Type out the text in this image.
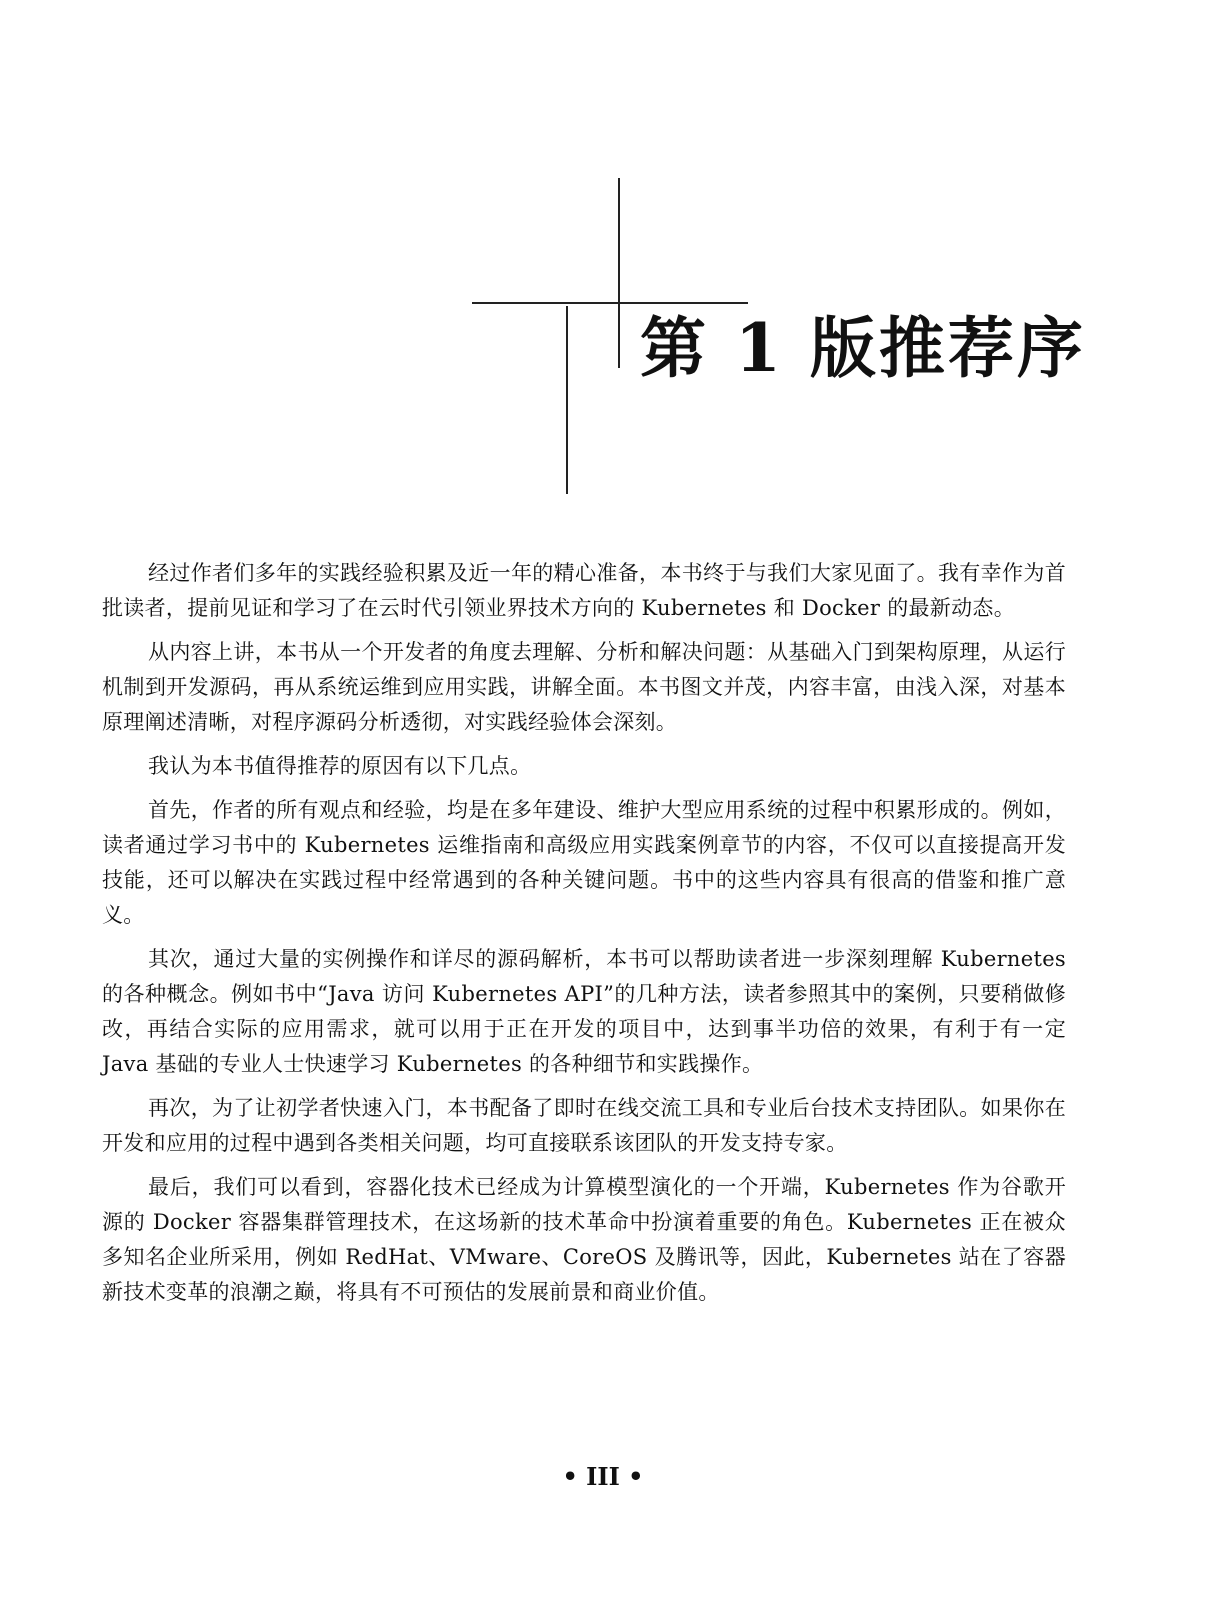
第 1 版推荐序

经过作者们多年的实践经验积累及近一年的精心准备，本书终于与我们大家见面了。我有幸作为首批读者，提前见证和学习了在云时代引领业界技术方向的 Kubernetes 和 Docker 的最新动态。

从内容上讲，本书从一个开发者的角度去理解、分析和解决问题：从基础入门到架构原理，从运行机制到开发源码，再从系统运维到应用实践，讲解全面。本书图文并茂，内容丰富，由浅入深，对基本原理阐述清晰，对程序源码分析透彻，对实践经验体会深刻。

我认为本书值得推荐的原因有以下几点。

首先，作者的所有观点和经验，均是在多年建设、维护大型应用系统的过程中积累形成的。例如，读者通过学习书中的 Kubernetes 运维指南和高级应用实践案例章节的内容，不仅可以直接提高开发技能，还可以解决在实践过程中经常遇到的各种关键问题。书中的这些内容具有很高的借鉴和推广意义。

其次，通过大量的实例操作和详尽的源码解析，本书可以帮助读者进一步深刻理解 Kubernetes 的各种概念。例如书中“Java 访问 Kubernetes API”的几种方法，读者参照其中的案例，只要稍做修改，再结合实际的应用需求，就可以用于正在开发的项目中，达到事半功倍的效果，有利于有一定 Java 基础的专业人士快速学习 Kubernetes 的各种细节和实践操作。

再次，为了让初学者快速入门，本书配备了即时在线交流工具和专业后台技术支持团队。如果你在开发和应用的过程中遇到各类相关问题，均可直接联系该团队的开发支持专家。

最后，我们可以看到，容器化技术已经成为计算模型演化的一个开端，Kubernetes 作为谷歌开源的 Docker 容器集群管理技术，在这场新的技术革命中扮演着重要的角色。Kubernetes 正在被众多知名企业所采用，例如 RedHat、VMware、CoreOS 及腾讯等，因此，Kubernetes 站在了容器新技术变革的浪潮之巅，将具有不可预估的发展前景和商业价值。

• III •
